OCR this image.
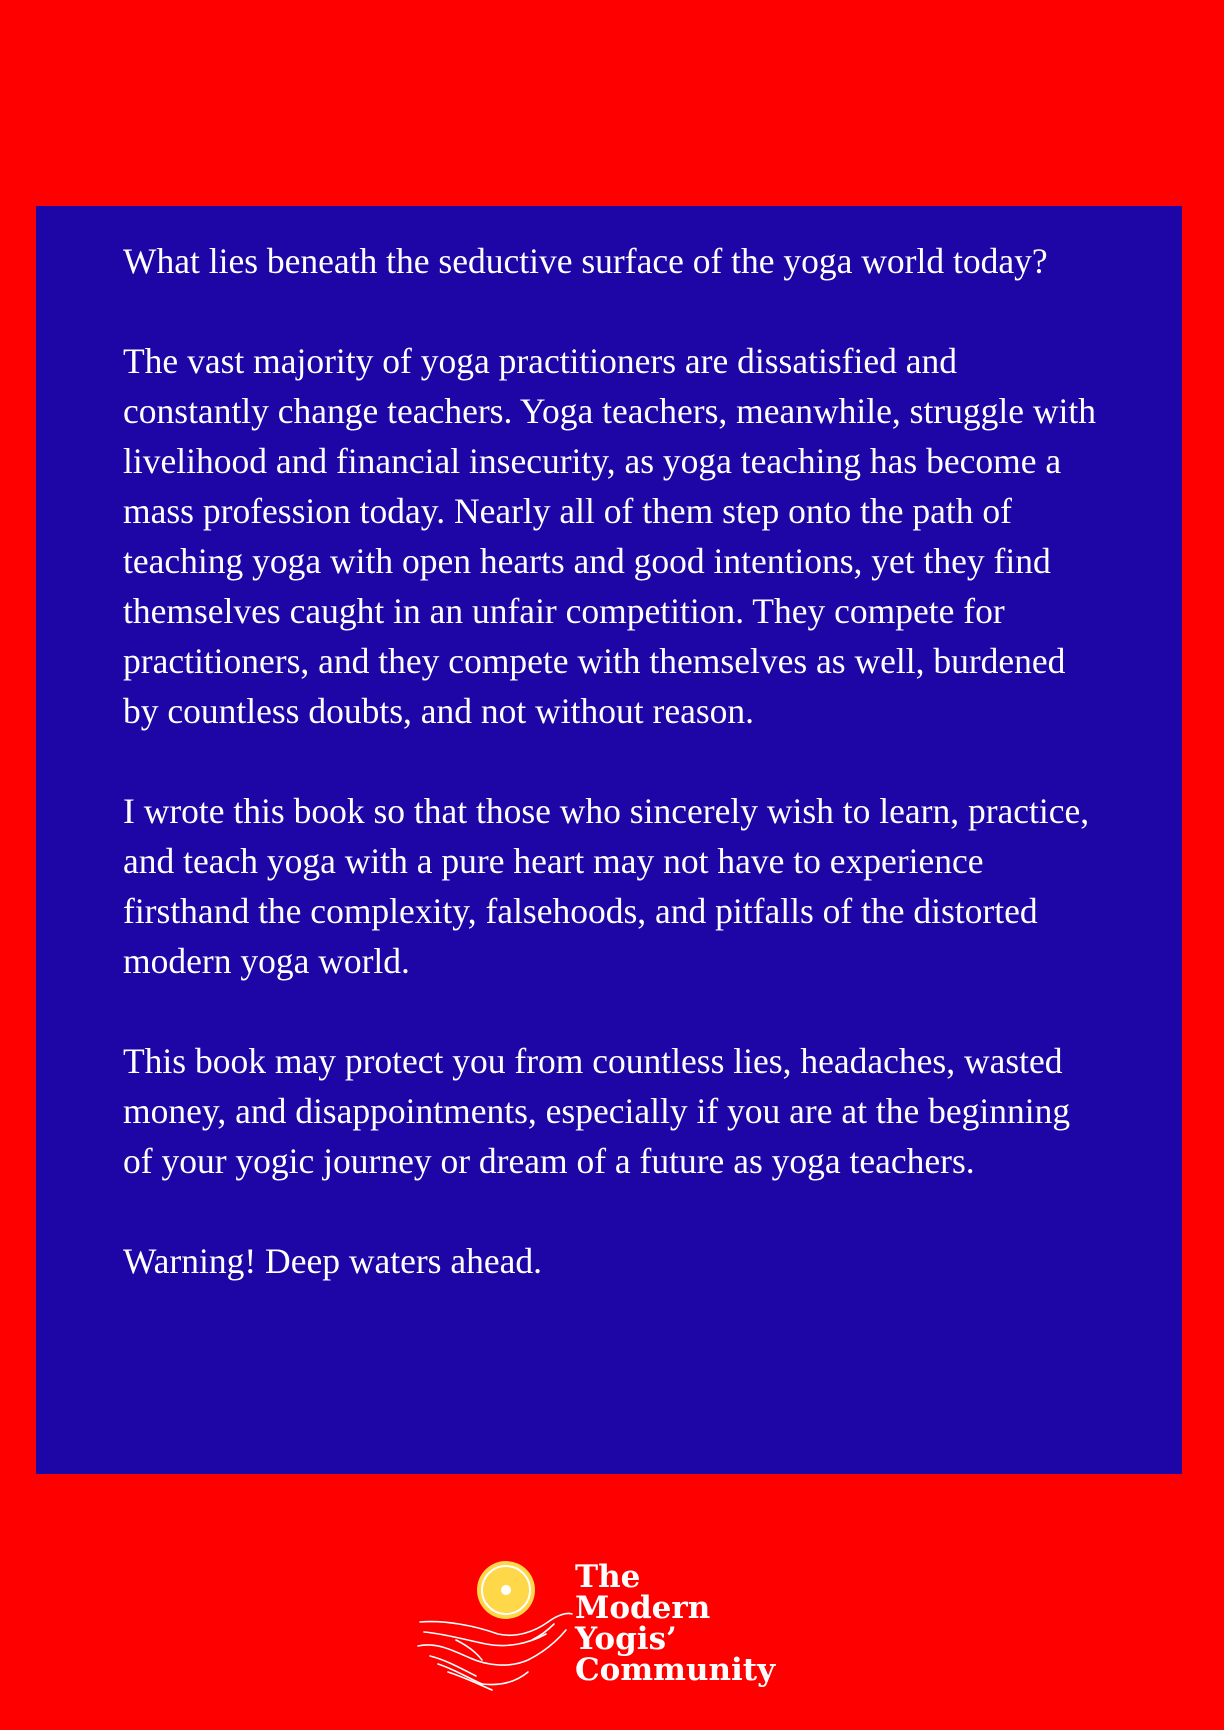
What lies beneath the seductive surface of the yoga world today?

The vast majority of yoga practitioners are dissatisfied and constantly change teachers. Yoga teachers, meanwhile, struggle with livelihood and financial insecurity, as yoga teaching has become a mass profession today. Nearly all of them step onto the path of teaching yoga with open hearts and good intentions, yet they find themselves caught in an unfair competition. They compete for practitioners, and they compete with themselves as well, burdened by countless doubts, and not without reason.

I wrote this book so that those who sincerely wish to learn, practice, and teach yoga with a pure heart may not have to experience firsthand the complexity, falsehoods, and pitfalls of the distorted modern yoga world.

This book may protect you from countless lies, headaches, wasted money, and disappointments, especially if you are at the beginning of your yogic journey or dream of a future as yoga teachers.

Warning! Deep waters ahead.

The
Modern
Yogis’
Community
